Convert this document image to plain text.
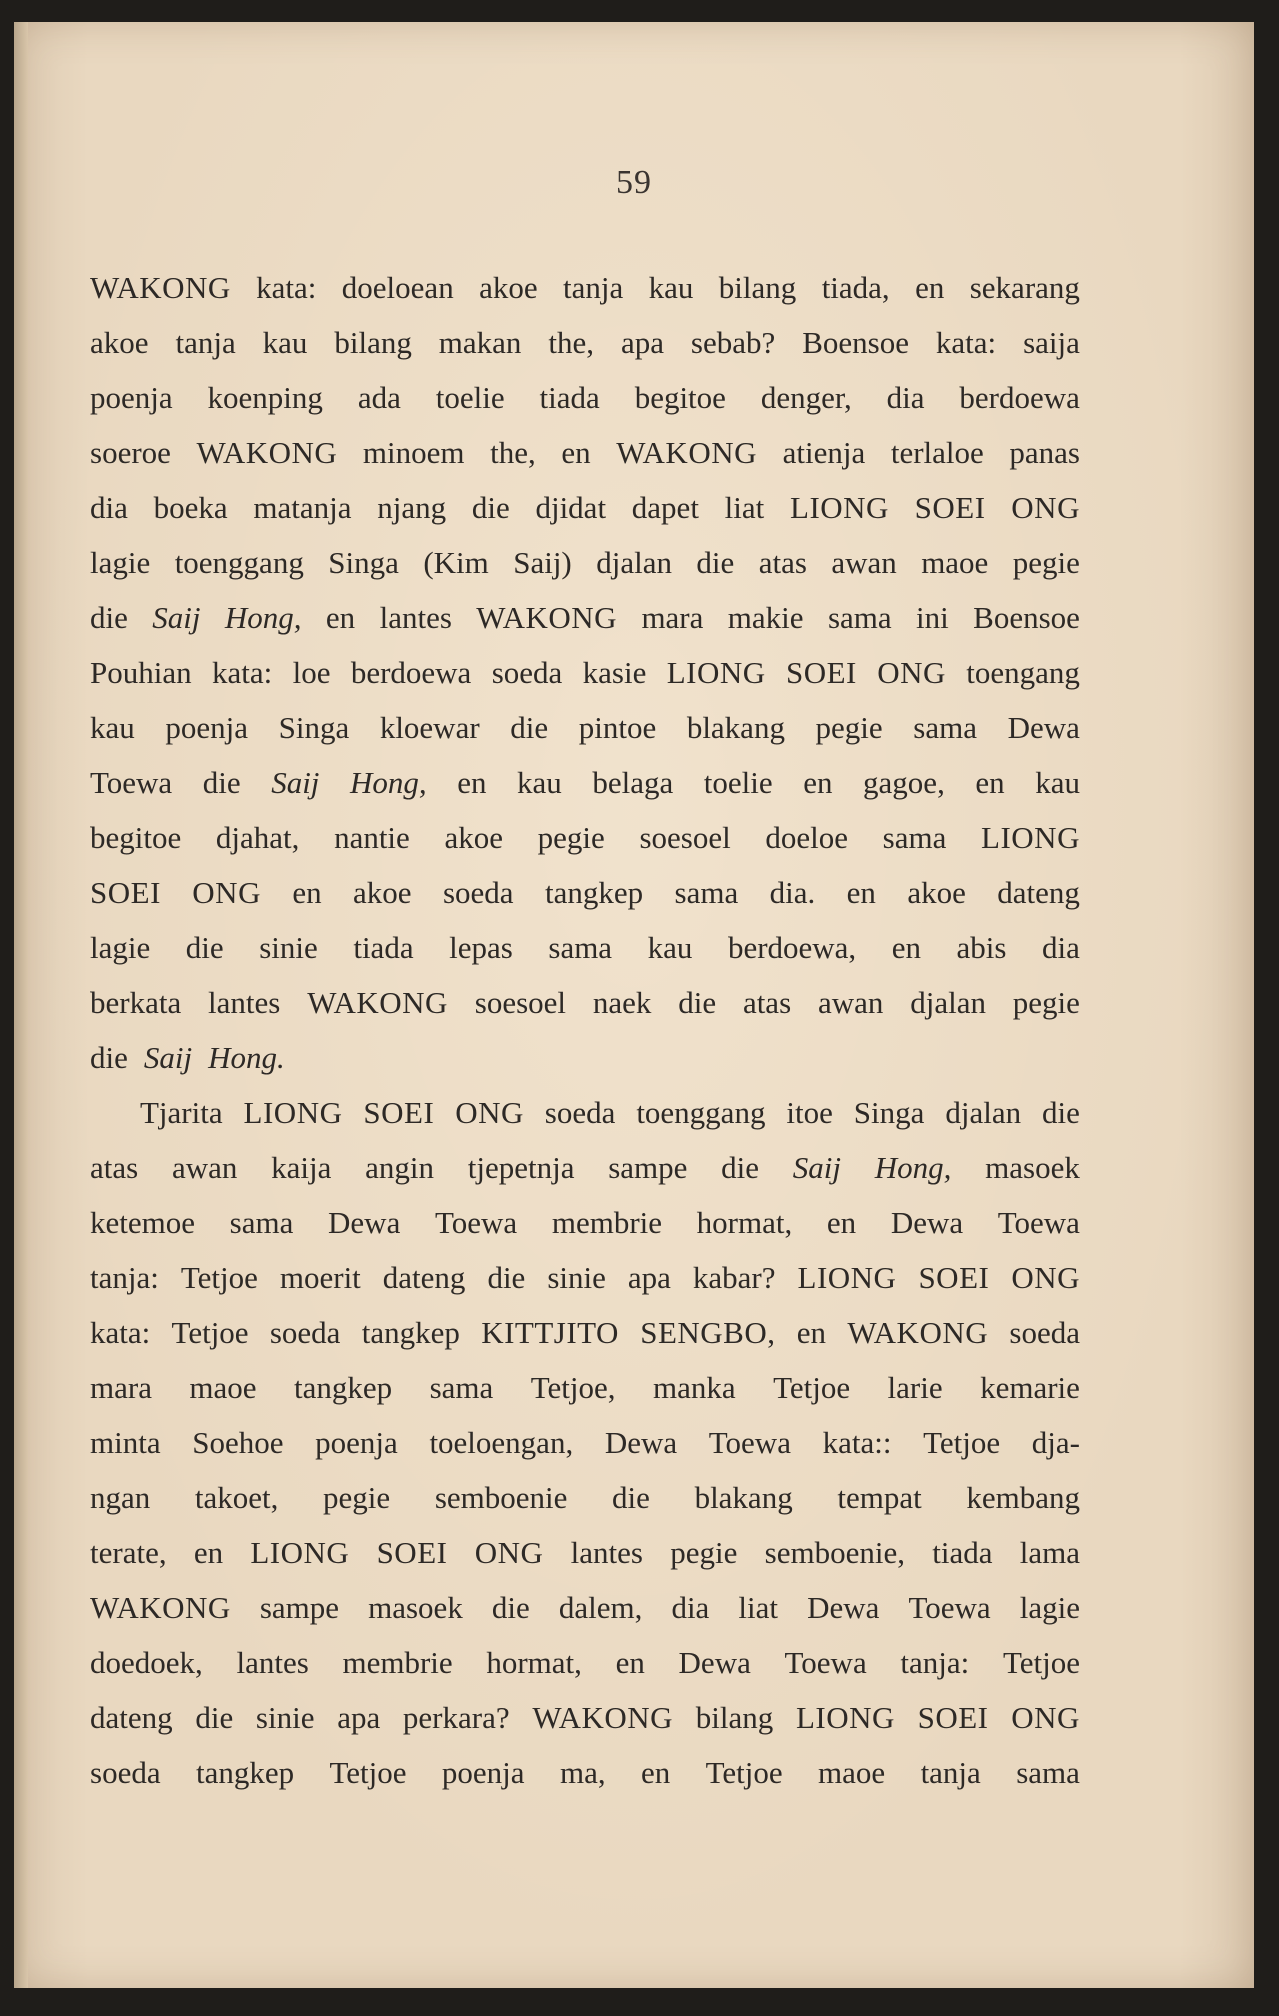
59
WAKONG kata: doeloean akoe tanja kau bilang tiada, en sekarang
akoe tanja kau bilang makan the, apa sebab? Boensoe kata: saija
poenja koenping ada toelie tiada begitoe denger, dia berdoewa
soeroe WAKONG minoem the, en WAKONG atienja terlaloe panas
dia boeka matanja njang die djidat dapet liat LIONG SOEI ONG
lagie toenggang Singa (Kim Saij) djalan die atas awan maoe pegie
die Saij Hong, en lantes WAKONG mara makie sama ini Boensoe
Pouhian kata: loe berdoewa soeda kasie LIONG SOEI ONG toengang
kau poenja Singa kloewar die pintoe blakang pegie sama Dewa
Toewa die Saij Hong, en kau belaga toelie en gagoe, en kau
begitoe djahat, nantie akoe pegie soesoel doeloe sama LIONG
SOEI ONG en akoe soeda tangkep sama dia. en akoe dateng
lagie die sinie tiada lepas sama kau berdoewa, en abis dia
berkata lantes WAKONG soesoel naek die atas awan djalan pegie
die Saij Hong.
Tjarita LIONG SOEI ONG soeda toenggang itoe Singa djalan die
atas awan kaija angin tjepetnja sampe die Saij Hong, masoek
ketemoe sama Dewa Toewa membrie hormat, en Dewa Toewa
tanja: Tetjoe moerit dateng die sinie apa kabar? LIONG SOEI ONG
kata: Tetjoe soeda tangkep KITTJITO SENGBO, en WAKONG soeda
mara maoe tangkep sama Tetjoe, manka Tetjoe larie kemarie
minta Soehoe poenja toeloengan, Dewa Toewa kata:: Tetjoe dja-
ngan takoet, pegie semboenie die blakang tempat kembang
terate, en LIONG SOEI ONG lantes pegie semboenie, tiada lama
WAKONG sampe masoek die dalem, dia liat Dewa Toewa lagie
doedoek, lantes membrie hormat, en Dewa Toewa tanja: Tetjoe
dateng die sinie apa perkara? WAKONG bilang LIONG SOEI ONG
soeda tangkep Tetjoe poenja ma, en Tetjoe maoe tanja sama
